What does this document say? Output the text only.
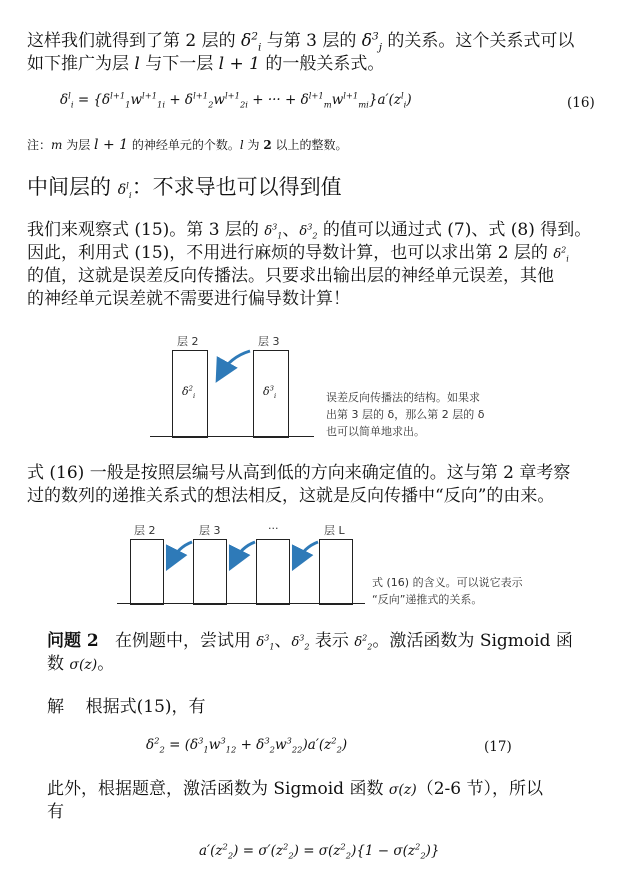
这样我们就得到了第 2 层的 $\delta^2_i$ 与第 3 层的 $\delta^3_j$ 的关系。这个关系式可以
如下推广为层 l 与下一层 l + 1 的一般关系式。
$\delta^l_i = \{\delta^{l+1}_1w^{l+1}_{1i} + \delta^{l+1}_2w^{l+1}_{2i}$ + ··· + $\delta^{l+1}_mw^{l+1}_{mi}\}a'(z^l_i)$	(16)
注：m 为层 l + 1 的神经单元的个数。l 为 2 以上的整数。
中间层的 $\delta^l_i$：不求导也可以得到值
我们来观察式 (15)。第 3 层的 $\delta^3_1$、$\delta^3_2$ 的值可以通过式 (7)、式 (8) 得到。
因此，利用式 (15)，不用进行麻烦的导数计算，也可以求出第 2 层的 $\delta^2_i$
的值，这就是误差反向传播法。只要求出输出层的神经单元误差，其他
的神经单元误差就不需要进行偏导数计算！
层 2	层 3
$\delta^2_i$	$\delta^3_i$	误差反向传播法的结构。如果求
出第 3 层的 δ，那么第 2 层的 δ
也可以简单地求出。
式 (16) 一般是按照层编号从高到低的方向来确定值的。这与第 2 章考察
过的数列的递推关系式的想法相反，这就是反向传播中“反向”的由来。
层 2	层 3	···	层 L
式 (16) 的含义。可以说它表示
“反向”递推式的关系。
问题 2 在例题中，尝试用 $\delta^3_1$、$\delta^3_2$ 表示 $\delta^2_2$。激活函数为 Sigmoid 函
数 σ(z)。
解 根据式(15)，有
$\delta^2_2 = (\delta^3_1w^3_{12} + \delta^3_2w^3_{22})a'(z^2_2)$	(17)
此外，根据题意，激活函数为 Sigmoid 函数 σ(z)（2-6 节），所以
有
$a'(z^2_2) = \sigma'(z^2_2) = \sigma(z^2_2)\{1 - \sigma(z^2_2)\}$
